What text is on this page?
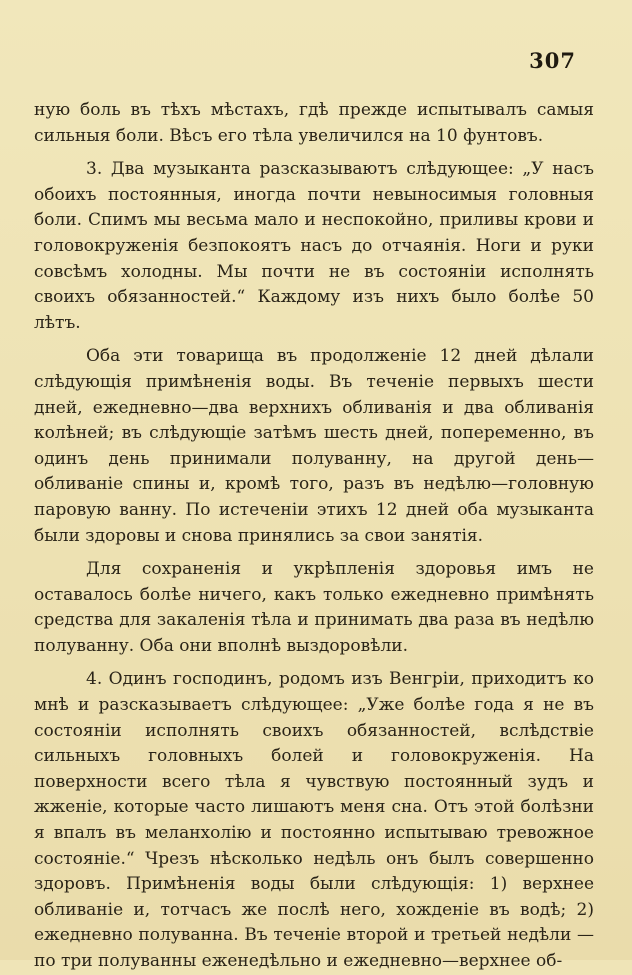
307

ную боль въ тѣхъ мѣстахъ, гдѣ прежде испытывалъ самыя сильныя боли. Вѣсъ его тѣла увеличился на 10 фунтовъ.

3. Два музыканта разсказываютъ слѣдующее: „У насъ обоихъ постоянныя, иногда почти невыносимыя головныя боли. Спимъ мы весьма мало и неспокойно, приливы крови и головокруженія безпокоятъ насъ до отчаянія. Ноги и руки совсѣмъ холодны. Мы почти не въ состояніи исполнять своихъ обязанностей.“ Каждому изъ нихъ было болѣе 50 лѣтъ.

Оба эти товарища въ продолженіе 12 дней дѣлали слѣдующія примѣненія воды. Въ теченіе первыхъ шести дней, ежедневно—два верхнихъ обливанія и два обливанія колѣней; въ слѣдующіе затѣмъ шесть дней, попеременно, въ одинъ день принимали полуванну, на другой день—обливаніе спины и, кромѣ того, разъ въ недѣлю—головную паровую ванну. По истеченіи этихъ 12 дней оба музыканта были здоровы и снова принялись за свои занятія.

Для сохраненія и укрѣпленія здоровья имъ не оставалось болѣе ничего, какъ только ежедневно примѣнять средства для закаленія тѣла и принимать два раза въ недѣлю полуванну. Оба они вполнѣ выздоровѣли.

4. Одинъ господинъ, родомъ изъ Венгріи, приходитъ ко мнѣ и разсказываетъ слѣдующее: „Уже болѣе года я не въ состояніи исполнять своихъ обязанностей, вслѣдствіе сильныхъ головныхъ болей и головокруженія. На поверхности всего тѣла я чувствую постоянный зудъ и жженіе, которые часто лишаютъ меня сна. Отъ этой болѣзни я впалъ въ меланхолію и постоянно испытываю тревожное состояніе.“ Чрезъ нѣсколько недѣль онъ былъ совершенно здоровъ. Примѣненія воды были слѣдующія: 1) верхнее обливаніе и, тотчасъ же послѣ него, хожденіе въ водѣ; 2) ежедневно полуванна. Въ теченіе второй и третьей недѣли —по три полуванны еженедѣльно и ежедневно—верхнее об-
